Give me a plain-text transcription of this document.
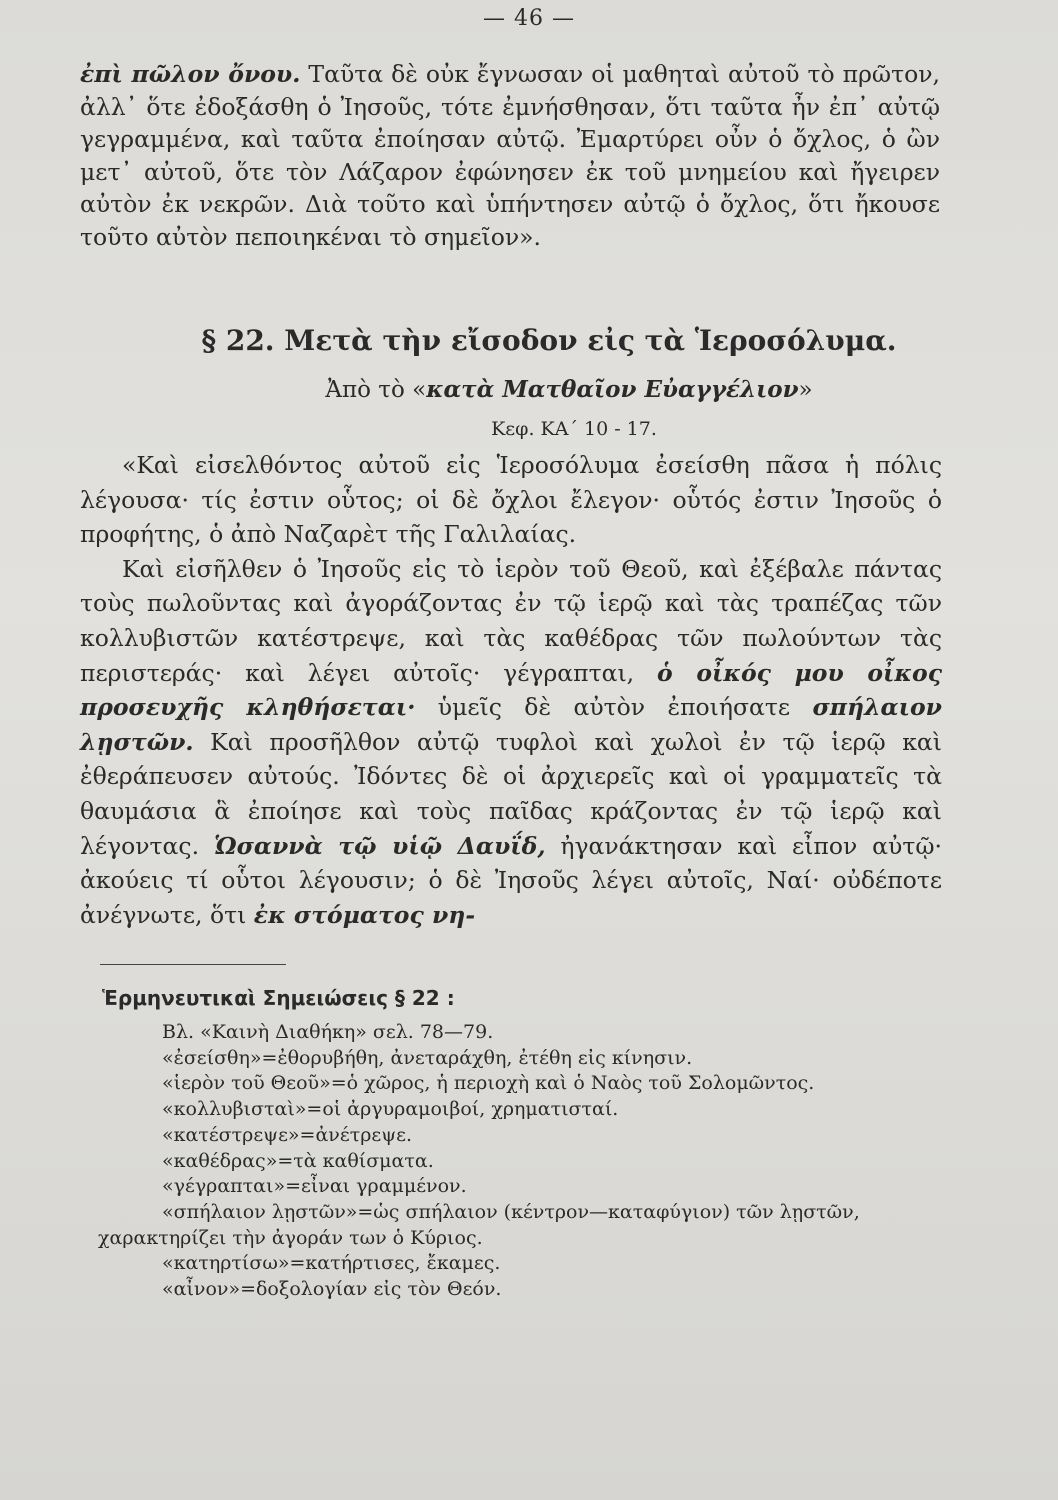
— 46 —

ἐπὶ πῶλον ὄνου. Ταῦτα δὲ οὐκ ἔγνωσαν οἱ μαθηταὶ αὐτοῦ τὸ πρῶτον, ἀλλ᾽ ὅτε ἐδοξάσθη ὁ Ἰησοῦς, τότε ἐμνήσθησαν, ὅτι ταῦτα ἦν ἐπ᾽ αὐτῷ γεγραμμένα, καὶ ταῦτα ἐποίησαν αὐτῷ. Ἐμαρτύρει οὖν ὁ ὄχλος, ὁ ὢν μετ᾽ αὐτοῦ, ὅτε τὸν Λάζαρον ἐφώνησεν ἐκ τοῦ μνημείου καὶ ἤγειρεν αὐτὸν ἐκ νεκρῶν. Διὰ τοῦτο καὶ ὑπήντησεν αὐτῷ ὁ ὄχλος, ὅτι ἤκουσε τοῦτο αὐτὸν πεποιηκέναι τὸ σημεῖον».

§ 22. Μετὰ τὴν εἴσοδον εἰς τὰ Ἱεροσόλυμα.
Ἀπὸ τὸ «κατὰ Ματθαῖον Εὐαγγέλιον»
Κεφ. ΚΑ΄ 10 - 17.

«Καὶ εἰσελθόντος αὐτοῦ εἰς Ἱεροσόλυμα ἐσείσθη πᾶσα ἡ πόλις λέγουσα· τίς ἐστιν οὗτος; οἱ δὲ ὄχλοι ἔλεγον· οὗτός ἐστιν Ἰησοῦς ὁ προφήτης, ὁ ἀπὸ Ναζαρὲτ τῆς Γαλιλαίας.

Καὶ εἰσῆλθεν ὁ Ἰησοῦς εἰς τὸ ἱερὸν τοῦ Θεοῦ, καὶ ἐξέβαλε πάντας τοὺς πωλοῦντας καὶ ἀγοράζοντας ἐν τῷ ἱερῷ καὶ τὰς τραπέζας τῶν κολλυβιστῶν κατέστρεψε, καὶ τὰς καθέδρας τῶν πωλούντων τὰς περιστεράς· καὶ λέγει αὐτοῖς· γέγραπται, ὁ οἶκός μου οἶκος προσευχῆς κληθήσεται· ὑμεῖς δὲ αὐτὸν ἐποιήσατε σπήλαιον λῃστῶν. Καὶ προσῆλθον αὐτῷ τυφλοὶ καὶ χωλοὶ ἐν τῷ ἱερῷ καὶ ἐθεράπευσεν αὐτούς. Ἰδόντες δὲ οἱ ἀρχιερεῖς καὶ οἱ γραμματεῖς τὰ θαυμάσια ἃ ἐποίησε καὶ τοὺς παῖδας κράζοντας ἐν τῷ ἱερῷ καὶ λέγοντας. Ὡσαννὰ τῷ υἱῷ Δαυΐδ, ἠγανάκτησαν καὶ εἶπον αὐτῷ· ἀκούεις τί οὗτοι λέγουσιν; ὁ δὲ Ἰησοῦς λέγει αὐτοῖς, Ναί· οὐδέποτε ἀνέγνωτε, ὅτι ἐκ στόματος νη-

Ἑρμηνευτικαὶ Σημειώσεις § 22 :
Βλ. «Καινὴ Διαθήκη» σελ. 78—79.
«ἐσείσθη»=ἐθορυβήθη, ἀνεταράχθη, ἐτέθη εἰς κίνησιν.
«ἱερὸν τοῦ Θεοῦ»=ὁ χῶρος, ἡ περιοχὴ καὶ ὁ Ναὸς τοῦ Σολομῶντος.
«κολλυβισταὶ»=οἱ ἀργυραμοιβοί, χρηματισταί.
«κατέστρεψε»=ἀνέτρεψε.
«καθέδρας»=τὰ καθίσματα.
«γέγραπται»=εἶναι γραμμένον.
«σπήλαιον λῃστῶν»=ὡς σπήλαιον (κέντρον—καταφύγιον) τῶν λῃστῶν,
χαρακτηρίζει τὴν ἀγοράν των ὁ Κύριος.
«κατηρτίσω»=κατήρτισες, ἔκαμες.
«αἶνον»=δοξολογίαν εἰς τὸν Θεόν.
